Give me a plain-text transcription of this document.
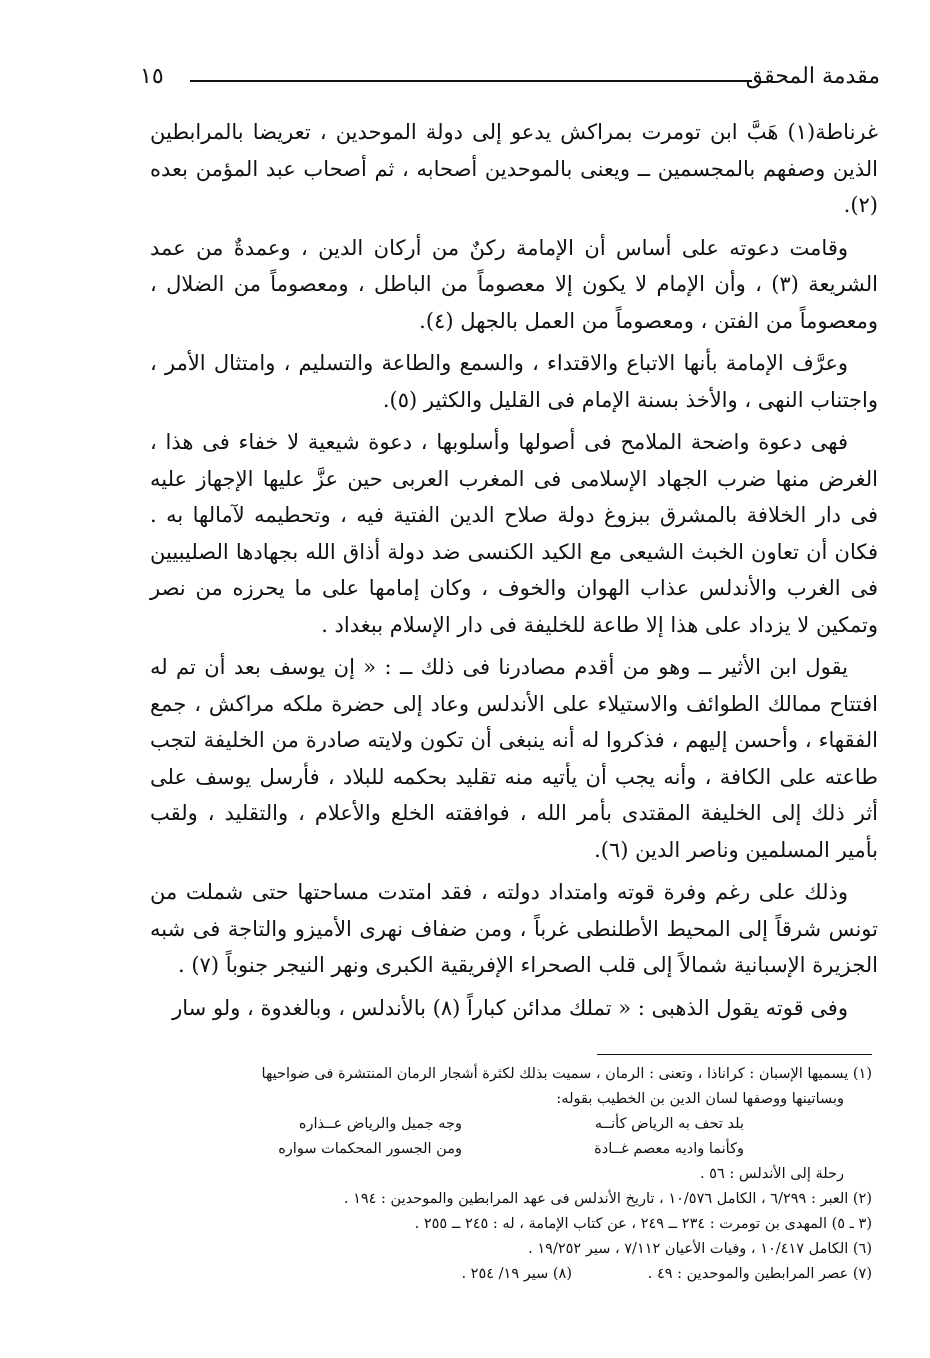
مقدمة المحقق
١٥

غرناطة(١) هَبَّ ابن تومرت بمراكش يدعو إلى دولة الموحدين ، تعريضا بالمرابطين الذين وصفهم بالمجسمين ــ ويعنى بالموحدين أصحابه ، ثم أصحاب عبد المؤمن بعده (٢).

وقامت دعوته على أساس أن الإمامة ركنٌ من أركان الدين ، وعمدةٌ من عمد الشريعة (٣) ، وأن الإمام لا يكون إلا معصوماً من الباطل ، ومعصوماً من الضلال ، ومعصوماً من الفتن ، ومعصوماً من العمل بالجهل (٤).

وعرَّف الإمامة بأنها الاتباع والاقتداء ، والسمع والطاعة والتسليم ، وامتثال الأمر ، واجتناب النهى ، والأخذ بسنة الإمام فى القليل والكثير (٥).

فهى دعوة واضحة الملامح فى أصولها وأسلوبها ، دعوة شيعية لا خفاء فى هذا ، الغرض منها ضرب الجهاد الإسلامى فى المغرب العربى حين عزَّ عليها الإجهاز عليه فى دار الخلافة بالمشرق ببزوغ دولة صلاح الدين الفتية فيه ، وتحطيمه لآمالها به . فكان أن تعاون الخبث الشيعى مع الكيد الكنسى ضد دولة أذاق الله بجهادها الصليبيين فى الغرب والأندلس عذاب الهوان والخوف ، وكان إمامها على ما يحرزه من نصر وتمكين لا يزداد على هذا إلا طاعة للخليفة فى دار الإسلام ببغداد .

يقول ابن الأثير ــ وهو من أقدم مصادرنا فى ذلك ــ : « إن يوسف بعد أن تم له افتتاح ممالك الطوائف والاستيلاء على الأندلس وعاد إلى حضرة ملكه مراكش ، جمع الفقهاء ، وأحسن إليهم ، فذكروا له أنه ينبغى أن تكون ولايته صادرة من الخليفة لتجب طاعته على الكافة ، وأنه يجب أن يأتيه منه تقليد بحكمه للبلاد ، فأرسل يوسف على أثر ذلك إلى الخليفة المقتدى بأمر الله ، فوافقته الخلع والأعلام ، والتقليد ، ولقب بأمير المسلمين وناصر الدين (٦).

وذلك على رغم وفرة قوته وامتداد دولته ، فقد امتدت مساحتها حتى شملت من تونس شرقاً إلى المحيط الأطلنطى غرباً ، ومن ضفاف نهرى الأميزو والتاجة فى شبه الجزيرة الإسبانية شمالاً إلى قلب الصحراء الإفريقية الكبرى ونهر النيجر جنوباً (٧) .

وفى قوته يقول الذهبى : « تملك مدائن كباراً (٨) بالأندلس ، وبالغدوة ، ولو سار

(١) يسميها الإسبان : كراناذا ، وتعنى : الرمان ، سميت بذلك لكثرة أشجار الرمان المنتشرة فى ضواحيها

وبساتينها ووصفها لسان الدين بن الخطيب بقوله:

بلد تحف به الرياض كأنــه
وجه جميل والرياض عــذاره
وكأنما واديه معصم غــادة
ومن الجسور المحكمات سواره

رحلة إلى الأندلس : ٥٦ .

(٢) العبر : ٦/٢٩٩ ، الكامل ١٠/٥٧٦ ، تاريخ الأندلس فى عهد المرابطين والموحدين : ١٩٤ .

(٣ ـ ٥) المهدى بن تومرت : ٢٣٤ ــ ٢٤٩ ، عن كتاب الإمامة ، له : ٢٤٥ ــ ٢٥٥ .

(٦) الكامل ١٠/٤١٧ ، وفيات الأعيان ٧/١١٢ ، سير ١٩/٢٥٢ .

(٧) عصر المرابطين والموحدين : ٤٩ .
(٨) سير ١٩/ ٢٥٤ .
